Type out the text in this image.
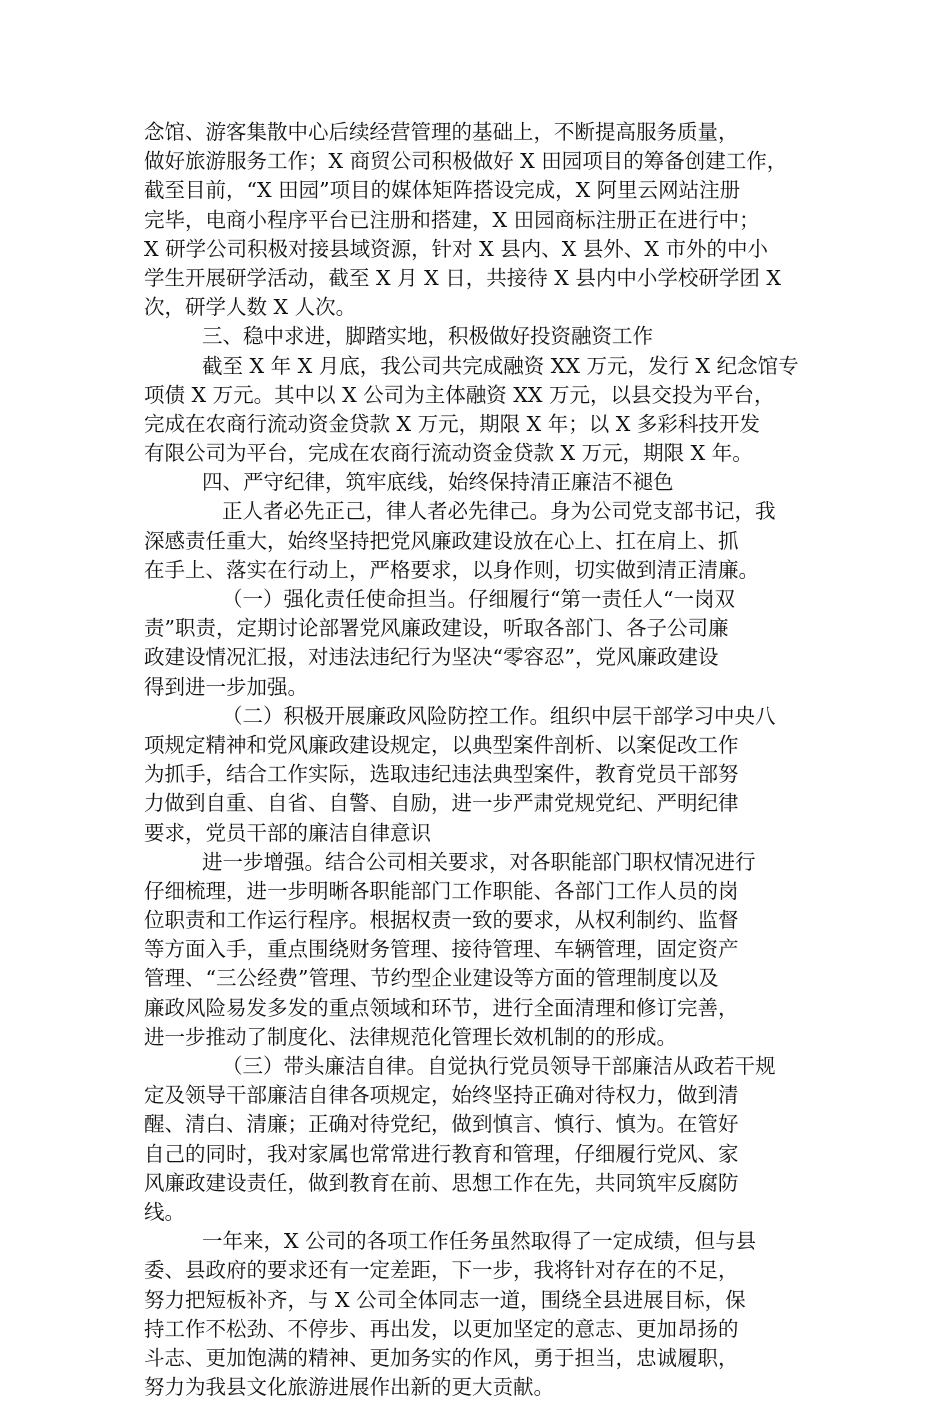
念馆、游客集散中心后续经营管理的基础上，不断提高服务质量，
做好旅游服务工作；X 商贸公司积极做好 X 田园项目的筹备创建工作，
截至目前，“X 田园”项目的媒体矩阵搭设完成，X 阿里云网站注册
完毕，电商小程序平台已注册和搭建，X 田园商标注册正在进行中；
X 研学公司积极对接县域资源，针对 X 县内、X 县外、X 市外的中小
学生开展研学活动，截至 X 月 X 日，共接待 X 县内中小学校研学团 X
次，研学人数 X 人次。
三、稳中求进，脚踏实地，积极做好投资融资工作
截至 X 年 X 月底，我公司共完成融资 XX 万元，发行 X 纪念馆专
项债 X 万元。其中以 X 公司为主体融资 XX 万元，以县交投为平台，
完成在农商行流动资金贷款 X 万元，期限 X 年；以 X 多彩科技开发
有限公司为平台，完成在农商行流动资金贷款 X 万元，期限 X 年。
四、严守纪律，筑牢底线，始终保持清正廉洁不褪色
正人者必先正己，律人者必先律己。身为公司党支部书记，我
深感责任重大，始终坚持把党风廉政建设放在心上、扛在肩上、抓
在手上、落实在行动上，严格要求，以身作则，切实做到清正清廉。
（一）强化责任使命担当。仔细履行“第一责任人“一岗双
责”职责，定期讨论部署党风廉政建设，听取各部门、各子公司廉
政建设情况汇报，对违法违纪行为坚决“零容忍”，党风廉政建设
得到进一步加强。
（二）积极开展廉政风险防控工作。组织中层干部学习中央八
项规定精神和党风廉政建设规定，以典型案件剖析、以案促改工作
为抓手，结合工作实际，选取违纪违法典型案件，教育党员干部努
力做到自重、自省、自警、自励，进一步严肃党规党纪、严明纪律
要求，党员干部的廉洁自律意识
进一步增强。结合公司相关要求，对各职能部门职权情况进行
仔细梳理，进一步明晰各职能部门工作职能、各部门工作人员的岗
位职责和工作运行程序。根据权责一致的要求，从权利制约、监督
等方面入手，重点围绕财务管理、接待管理、车辆管理，固定资产
管理、“三公经费”管理、节约型企业建设等方面的管理制度以及
廉政风险易发多发的重点领域和环节，进行全面清理和修订完善，
进一步推动了制度化、法律规范化管理长效机制的的形成。
（三）带头廉洁自律。自觉执行党员领导干部廉洁从政若干规
定及领导干部廉洁自律各项规定，始终坚持正确对待权力，做到清
醒、清白、清廉；正确对待党纪，做到慎言、慎行、慎为。在管好
自己的同时，我对家属也常常进行教育和管理，仔细履行党风、家
风廉政建设责任，做到教育在前、思想工作在先，共同筑牢反腐防
线。
一年来，X 公司的各项工作任务虽然取得了一定成绩，但与县
委、县政府的要求还有一定差距，下一步，我将针对存在的不足，
努力把短板补齐，与 X 公司全体同志一道，围绕全县进展目标，保
持工作不松劲、不停步、再出发，以更加坚定的意志、更加昂扬的
斗志、更加饱满的精神、更加务实的作风，勇于担当，忠诚履职，
努力为我县文化旅游进展作出新的更大贡献。
